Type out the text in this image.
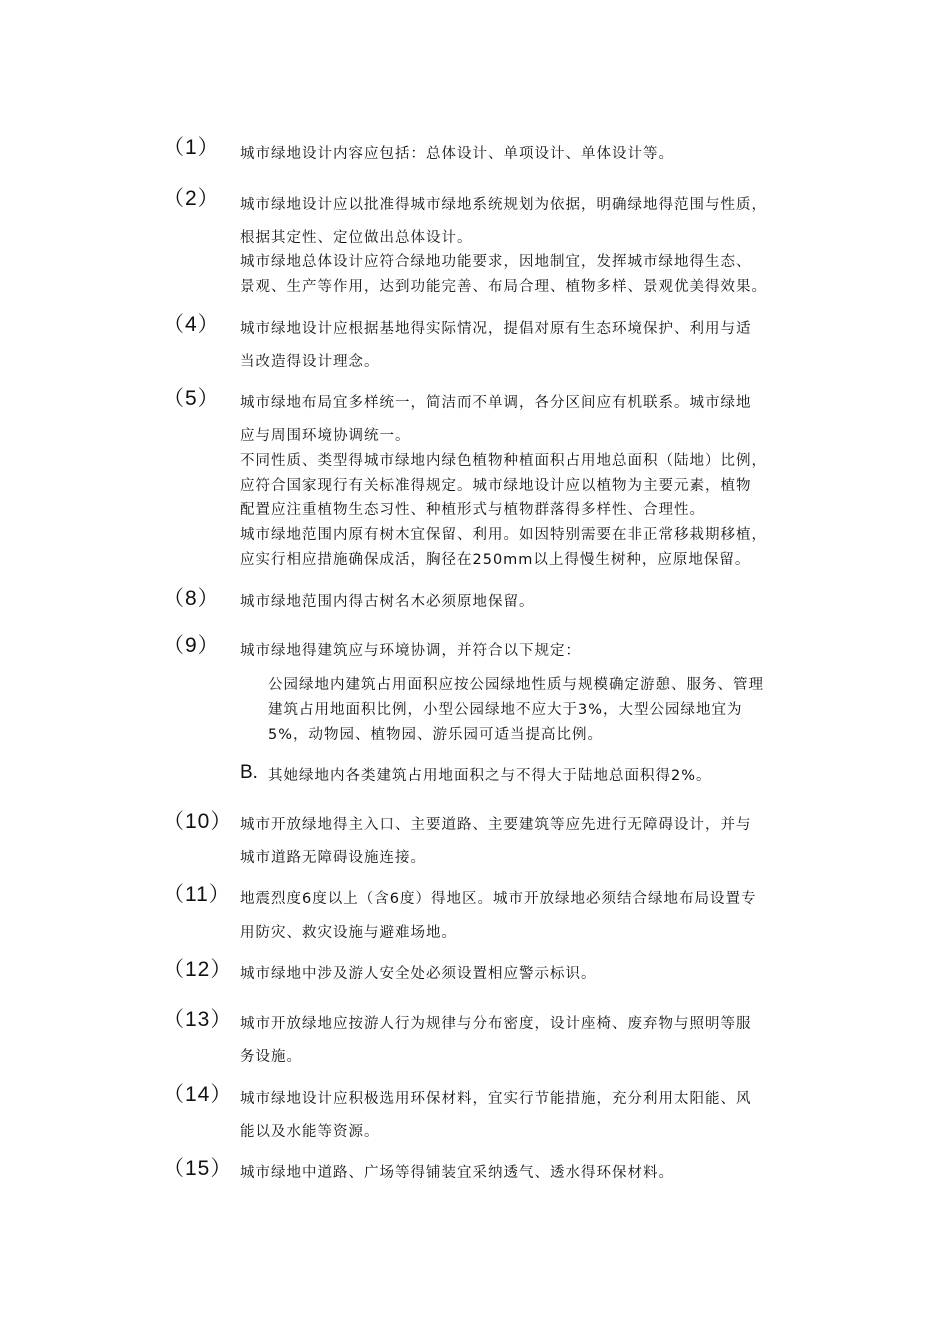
（1） 城市绿地设计内容应包括：总体设计、单项设计、单体设计等。
（2） 城市绿地设计应以批准得城市绿地系统规划为依据，明确绿地得范围与性质，
根据其定性、定位做出总体设计。
城市绿地总体设计应符合绿地功能要求，因地制宜，发挥城市绿地得生态、
景观、生产等作用，达到功能完善、布局合理、植物多样、景观优美得效果。
（4） 城市绿地设计应根据基地得实际情况，提倡对原有生态环境保护、利用与适
当改造得设计理念。
（5） 城市绿地布局宜多样统一，简洁而不单调，各分区间应有机联系。城市绿地
应与周围环境协调统一。
不同性质、类型得城市绿地内绿色植物种植面积占用地总面积（陆地）比例，
应符合国家现行有关标准得规定。城市绿地设计应以植物为主要元素，植物
配置应注重植物生态习性、种植形式与植物群落得多样性、合理性。
城市绿地范围内原有树木宜保留、利用。如因特别需要在非正常移栽期移植，
应实行相应措施确保成活，胸径在250mm以上得慢生树种，应原地保留。
（8） 城市绿地范围内得古树名木必须原地保留。
（9） 城市绿地得建筑应与环境协调，并符合以下规定：
公园绿地内建筑占用面积应按公园绿地性质与规模确定游憩、服务、管理
建筑占用地面积比例，小型公园绿地不应大于3%，大型公园绿地宜为
5%，动物园、植物园、游乐园可适当提高比例。
B. 其她绿地内各类建筑占用地面积之与不得大于陆地总面积得2%。
（10） 城市开放绿地得主入口、主要道路、主要建筑等应先进行无障碍设计，并与
城市道路无障碍设施连接。
（11） 地震烈度6度以上（含6度）得地区。城市开放绿地必须结合绿地布局设置专
用防灾、救灾设施与避难场地。
（12） 城市绿地中涉及游人安全处必须设置相应警示标识。
（13） 城市开放绿地应按游人行为规律与分布密度，设计座椅、废弃物与照明等服
务设施。
（14） 城市绿地设计应积极选用环保材料，宜实行节能措施，充分利用太阳能、风
能以及水能等资源。
（15） 城市绿地中道路、广场等得铺装宜采纳透气、透水得环保材料。
